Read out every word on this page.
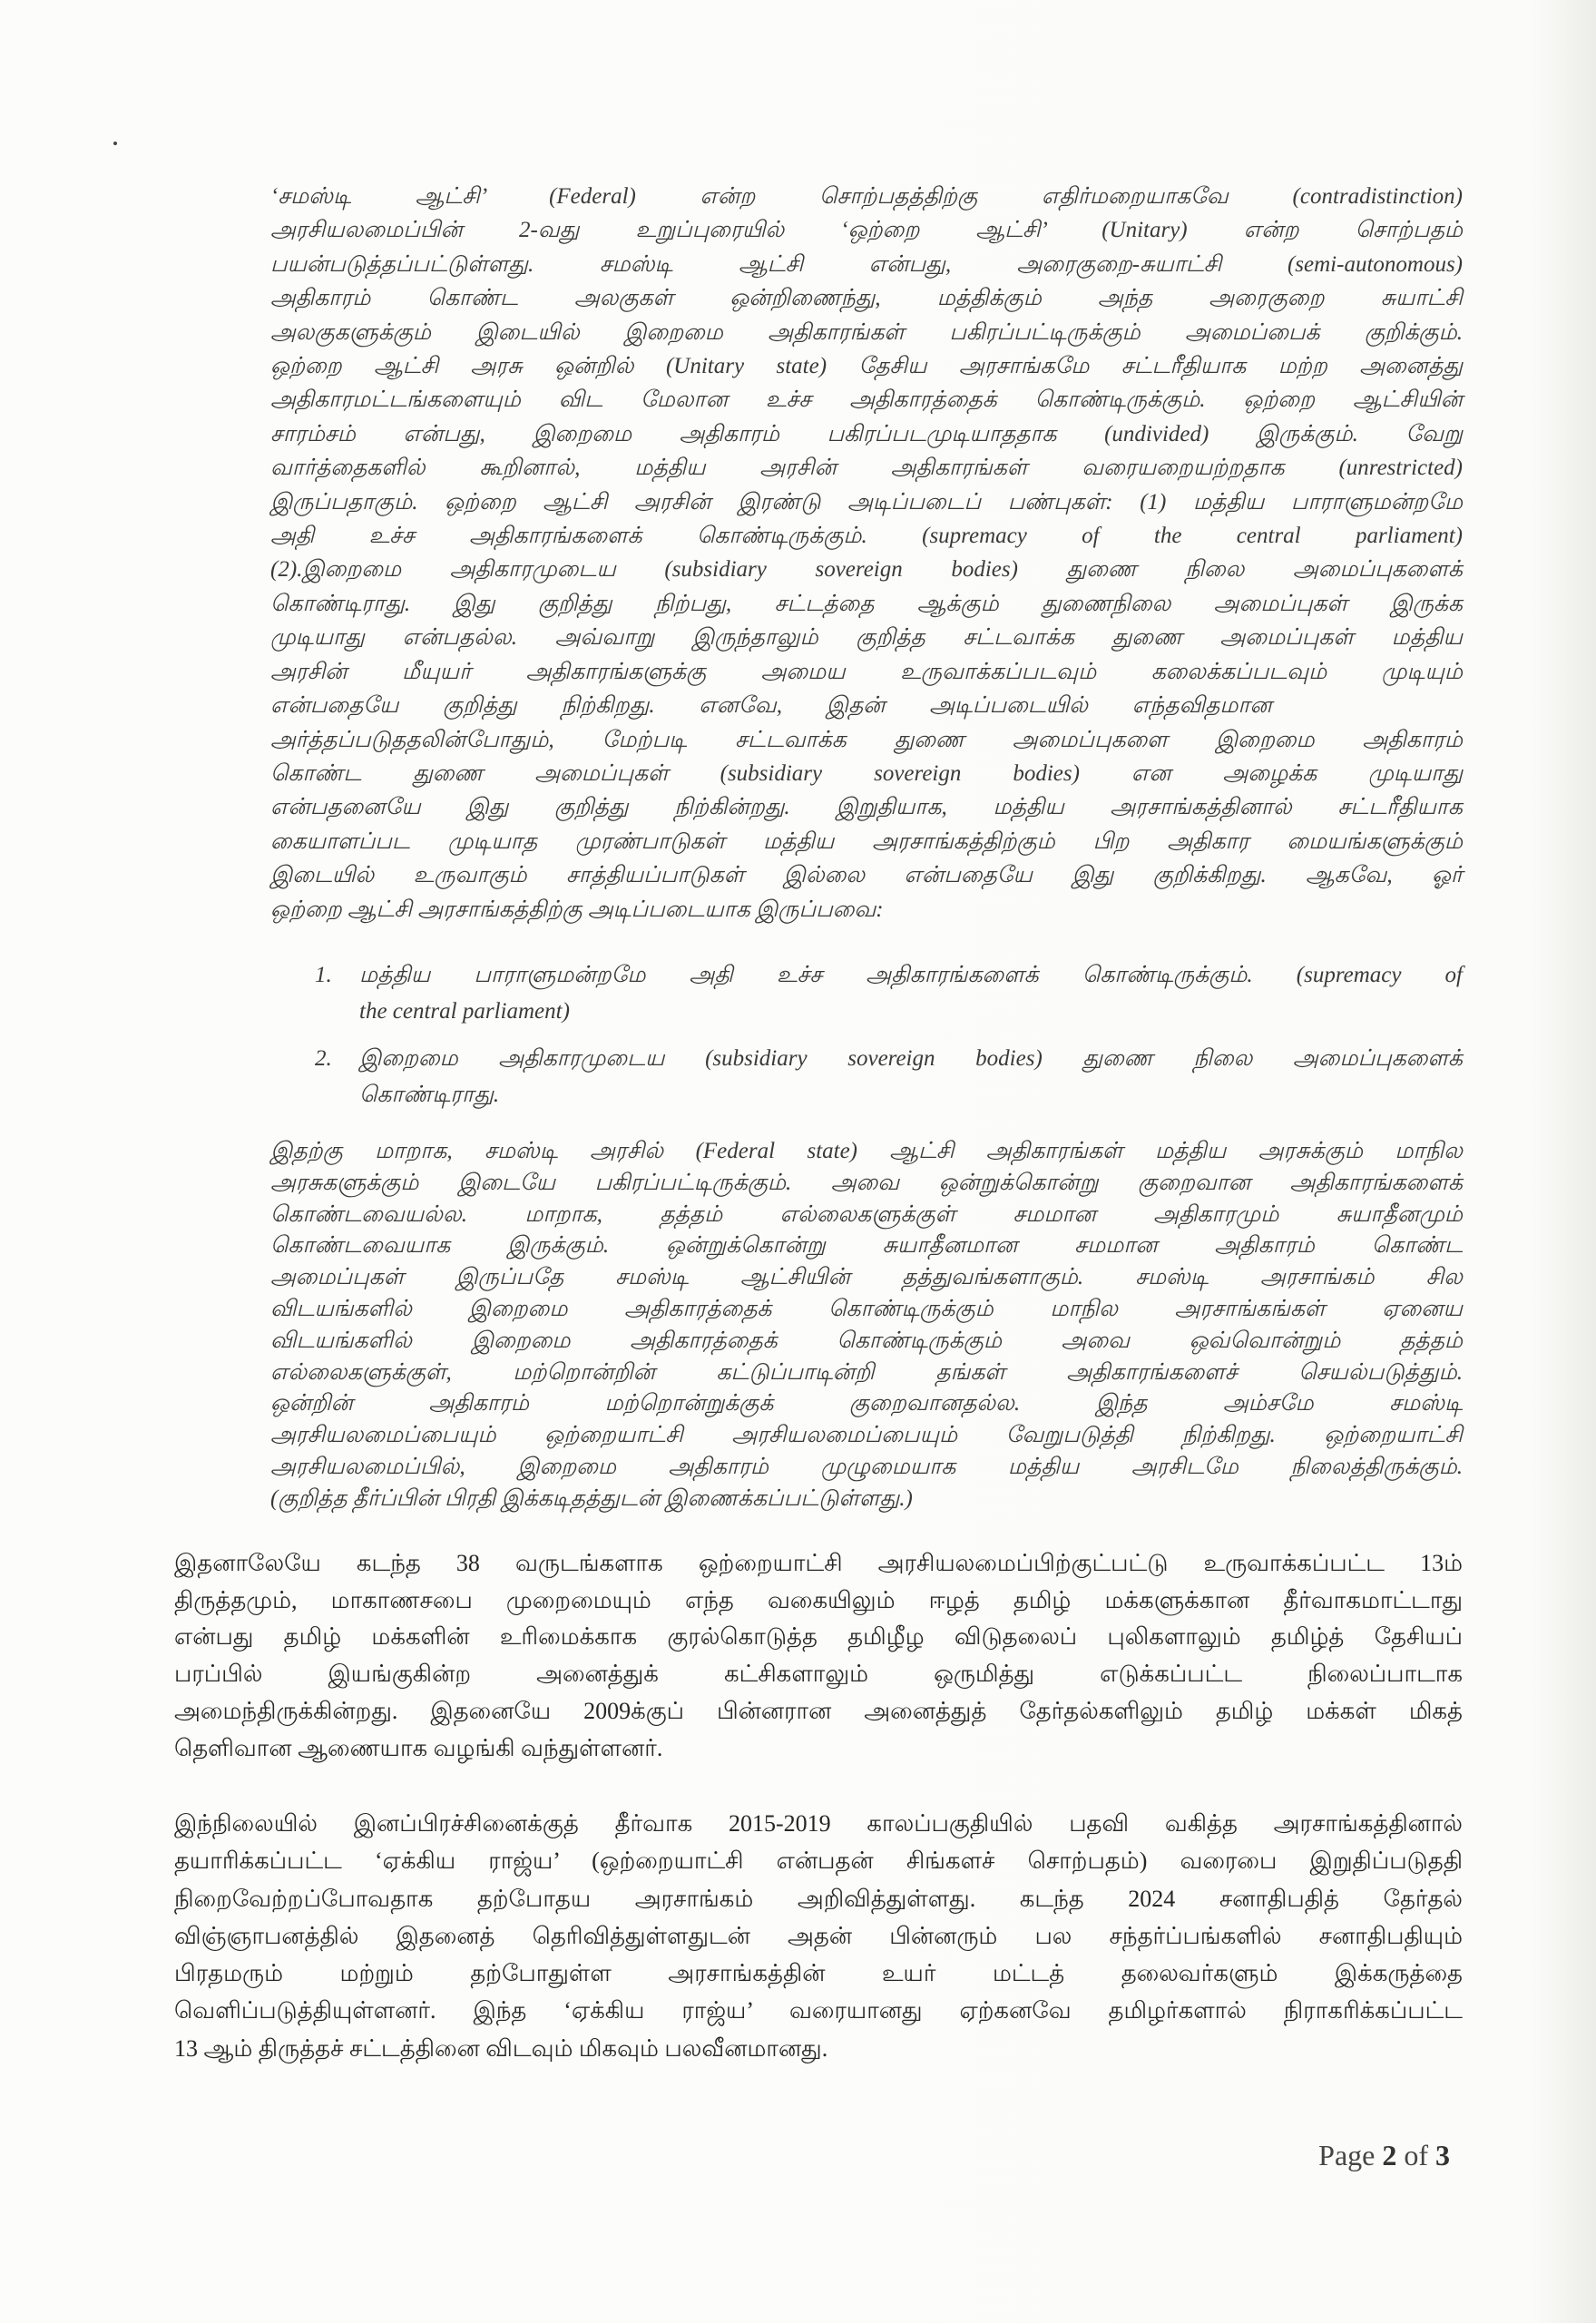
‘சமஸ்டி ஆட்சி’ (Federal) என்ற சொற்பதத்திற்கு எதிர்மறையாகவே (contradistinction)
அரசியலமைப்பின் 2-வது உறுப்புரையில் ‘ஒற்றை ஆட்சி’ (Unitary) என்ற சொற்பதம்
பயன்படுத்தப்பட்டுள்ளது. சமஸ்டி ஆட்சி என்பது, அரைகுறை-சுயாட்சி (semi-autonomous)
அதிகாரம் கொண்ட அலகுகள் ஒன்றிணைந்து, மத்திக்கும் அந்த அரைகுறை சுயாட்சி
அலகுகளுக்கும் இடையில் இறைமை அதிகாரங்கள் பகிரப்பட்டிருக்கும் அமைப்பைக் குறிக்கும்.
ஒற்றை ஆட்சி அரசு ஒன்றில் (Unitary state) தேசிய அரசாங்கமே சட்டரீதியாக மற்ற அனைத்து
அதிகாரமட்டங்களையும் விட மேலான உச்ச அதிகாரத்தைக் கொண்டிருக்கும். ஒற்றை ஆட்சியின்
சாரம்சம் என்பது, இறைமை அதிகாரம் பகிரப்படமுடியாததாக (undivided) இருக்கும். வேறு
வார்த்தைகளில் கூறினால், மத்திய அரசின் அதிகாரங்கள் வரையறையற்றதாக (unrestricted)
இருப்பதாகும். ஒற்றை ஆட்சி அரசின் இரண்டு அடிப்படைப் பண்புகள்: (1) மத்திய பாராளுமன்றமே
அதி உச்ச அதிகாரங்களைக் கொண்டிருக்கும். (supremacy of the central parliament)
(2).இறைமை அதிகாரமுடைய (subsidiary sovereign bodies) துணை நிலை அமைப்புகளைக்
கொண்டிராது. இது குறித்து நிற்பது, சட்டத்தை ஆக்கும் துணைநிலை அமைப்புகள் இருக்க
முடியாது என்பதல்ல. அவ்வாறு இருந்தாலும் குறித்த சட்டவாக்க துணை அமைப்புகள் மத்திய
அரசின் மீயுயர் அதிகாரங்களுக்கு அமைய உருவாக்கப்படவும் கலைக்கப்படவும் முடியும்
என்பதையே குறித்து நிற்கிறது. எனவே, இதன் அடிப்படையில் எந்தவிதமான
அர்த்தப்படுததலின்போதும், மேற்படி சட்டவாக்க துணை அமைப்புகளை இறைமை அதிகாரம்
கொண்ட துணை அமைப்புகள் (subsidiary sovereign bodies) என அழைக்க முடியாது
என்பதனையே இது குறித்து நிற்கின்றது. இறுதியாக, மத்திய அரசாங்கத்தினால் சட்டரீதியாக
கையாளப்பட முடியாத முரண்பாடுகள் மத்திய அரசாங்கத்திற்கும் பிற அதிகார மையங்களுக்கும்
இடையில் உருவாகும் சாத்தியப்பாடுகள் இல்லை என்பதையே இது குறிக்கிறது. ஆகவே, ஓர்
ஒற்றை ஆட்சி அரசாங்கத்திற்கு அடிப்படையாக இருப்பவை:
1. மத்திய பாராளுமன்றமே அதி உச்ச அதிகாரங்களைக் கொண்டிருக்கும். (supremacy of
the central parliament)
2. இறைமை அதிகாரமுடைய (subsidiary sovereign bodies) துணை நிலை அமைப்புகளைக்
கொண்டிராது.
இதற்கு மாறாக, சமஸ்டி அரசில் (Federal state) ஆட்சி அதிகாரங்கள் மத்திய அரசுக்கும் மாநில
அரசுகளுக்கும் இடையே பகிரப்பட்டிருக்கும். அவை ஒன்றுக்கொன்று குறைவான அதிகாரங்களைக்
கொண்டவையல்ல. மாறாக, தத்தம் எல்லைகளுக்குள் சமமான அதிகாரமும் சுயாதீனமும்
கொண்டவையாக இருக்கும். ஒன்றுக்கொன்று சுயாதீனமான சமமான அதிகாரம் கொண்ட
அமைப்புகள் இருப்பதே சமஸ்டி ஆட்சியின் தத்துவங்களாகும். சமஸ்டி அரசாங்கம் சில
விடயங்களில் இறைமை அதிகாரத்தைக் கொண்டிருக்கும் மாநில அரசாங்கங்கள் ஏனைய
விடயங்களில் இறைமை அதிகாரத்தைக் கொண்டிருக்கும் அவை ஒவ்வொன்றும் தத்தம்
எல்லைகளுக்குள், மற்றொன்றின் கட்டுப்பாடின்றி தங்கள் அதிகாரங்களைச் செயல்படுத்தும்.
ஒன்றின் அதிகாரம் மற்றொன்றுக்குக் குறைவானதல்ல. இந்த அம்சமே சமஸ்டி
அரசியலமைப்பையும் ஒற்றையாட்சி அரசியலமைப்பையும் வேறுபடுத்தி நிற்கிறது. ஒற்றையாட்சி
அரசியலமைப்பில், இறைமை அதிகாரம் முழுமையாக மத்திய அரசிடமே நிலைத்திருக்கும்.
(குறித்த தீர்ப்பின் பிரதி இக்கடிதத்துடன் இணைக்கப்பட்டுள்ளது.)
இதனாலேயே கடந்த 38 வருடங்களாக ஒற்றையாட்சி அரசியலமைப்பிற்குட்பட்டு உருவாக்கப்பட்ட 13ம்
திருத்தமும், மாகாணசபை முறைமையும் எந்த வகையிலும் ஈழத் தமிழ் மக்களுக்கான தீர்வாகமாட்டாது
என்பது தமிழ் மக்களின் உரிமைக்காக குரல்கொடுத்த தமிழீழ விடுதலைப் புலிகளாலும் தமிழ்த் தேசியப்
பரப்பில் இயங்குகின்ற அனைத்துக் கட்சிகளாலும் ஒருமித்து எடுக்கப்பட்ட நிலைப்பாடாக
அமைந்திருக்கின்றது. இதனையே 2009க்குப் பின்னரான அனைத்துத் தேர்தல்களிலும் தமிழ் மக்கள் மிகத்
தெளிவான ஆணையாக வழங்கி வந்துள்ளனர்.
இந்நிலையில் இனப்பிரச்சினைக்குத் தீர்வாக 2015-2019 காலப்பகுதியில் பதவி வகித்த அரசாங்கத்தினால்
தயாரிக்கப்பட்ட ‘ஏக்கிய ராஜ்ய’ (ஒற்றையாட்சி என்பதன் சிங்களச் சொற்பதம்) வரைபை இறுதிப்படுததி
நிறைவேற்றப்போவதாக தற்போதய அரசாங்கம் அறிவித்துள்ளது. கடந்த 2024 சனாதிபதித் தேர்தல்
விஞ்ஞாபனத்தில் இதனைத் தெரிவித்துள்ளதுடன் அதன் பின்னரும் பல சந்தர்ப்பங்களில் சனாதிபதியும்
பிரதமரும் மற்றும் தற்போதுள்ள அரசாங்கத்தின் உயர் மட்டத் தலைவர்களும் இக்கருத்தை
வெளிப்படுத்தியுள்ளனர். இந்த ‘ஏக்கிய ராஜ்ய’ வரையானது ஏற்கனவே தமிழர்களால் நிராகரிக்கப்பட்ட
13 ஆம் திருத்தச் சட்டத்தினை விடவும் மிகவும் பலவீனமானது.
Page 2 of 3
